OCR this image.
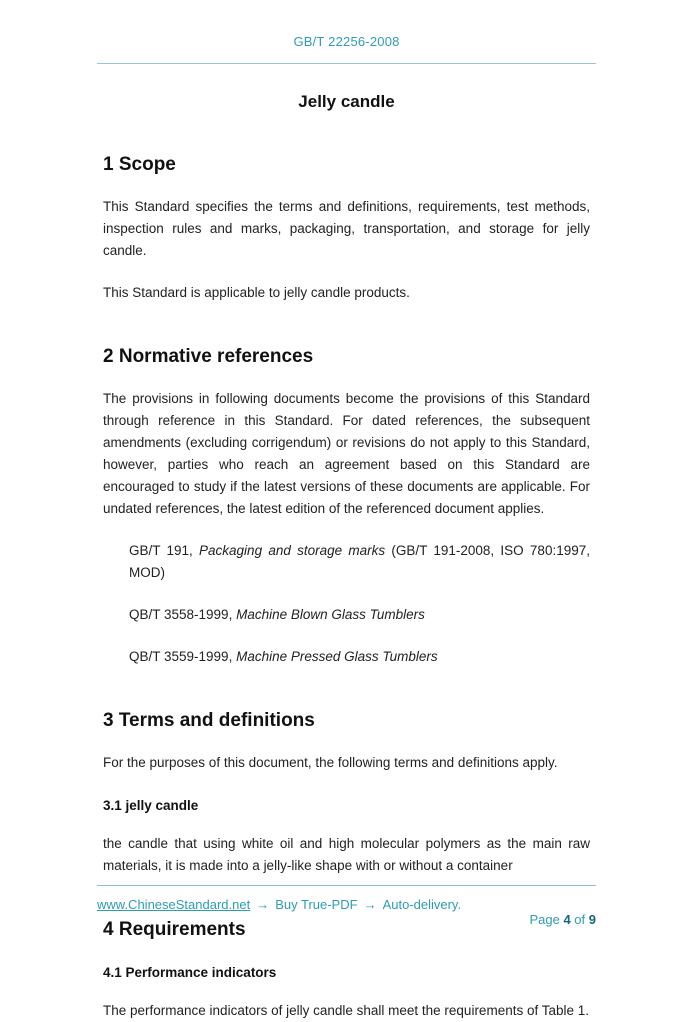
GB/T 22256-2008
Jelly candle
1 Scope

This Standard specifies the terms and definitions, requirements, test methods, inspection rules and marks, packaging, transportation, and storage for jelly candle.

This Standard is applicable to jelly candle products.

2 Normative references

The provisions in following documents become the provisions of this Standard through reference in this Standard. For dated references, the subsequent amendments (excluding corrigendum) or revisions do not apply to this Standard, however, parties who reach an agreement based on this Standard are encouraged to study if the latest versions of these documents are applicable. For undated references, the latest edition of the referenced document applies.

GB/T 191, Packaging and storage marks (GB/T 191-2008, ISO 780:1997, MOD)

QB/T 3558-1999, Machine Blown Glass Tumblers

QB/T 3559-1999, Machine Pressed Glass Tumblers

3 Terms and definitions

For the purposes of this document, the following terms and definitions apply.

3.1 jelly candle

the candle that using white oil and high molecular polymers as the main raw materials, it is made into a jelly-like shape with or without a container

4 Requirements
4.1 Performance indicators

The performance indicators of jelly candle shall meet the requirements of Table 1.

www.ChineseStandard.net → Buy True-PDF → Auto-delivery.

Page 4 of 9
